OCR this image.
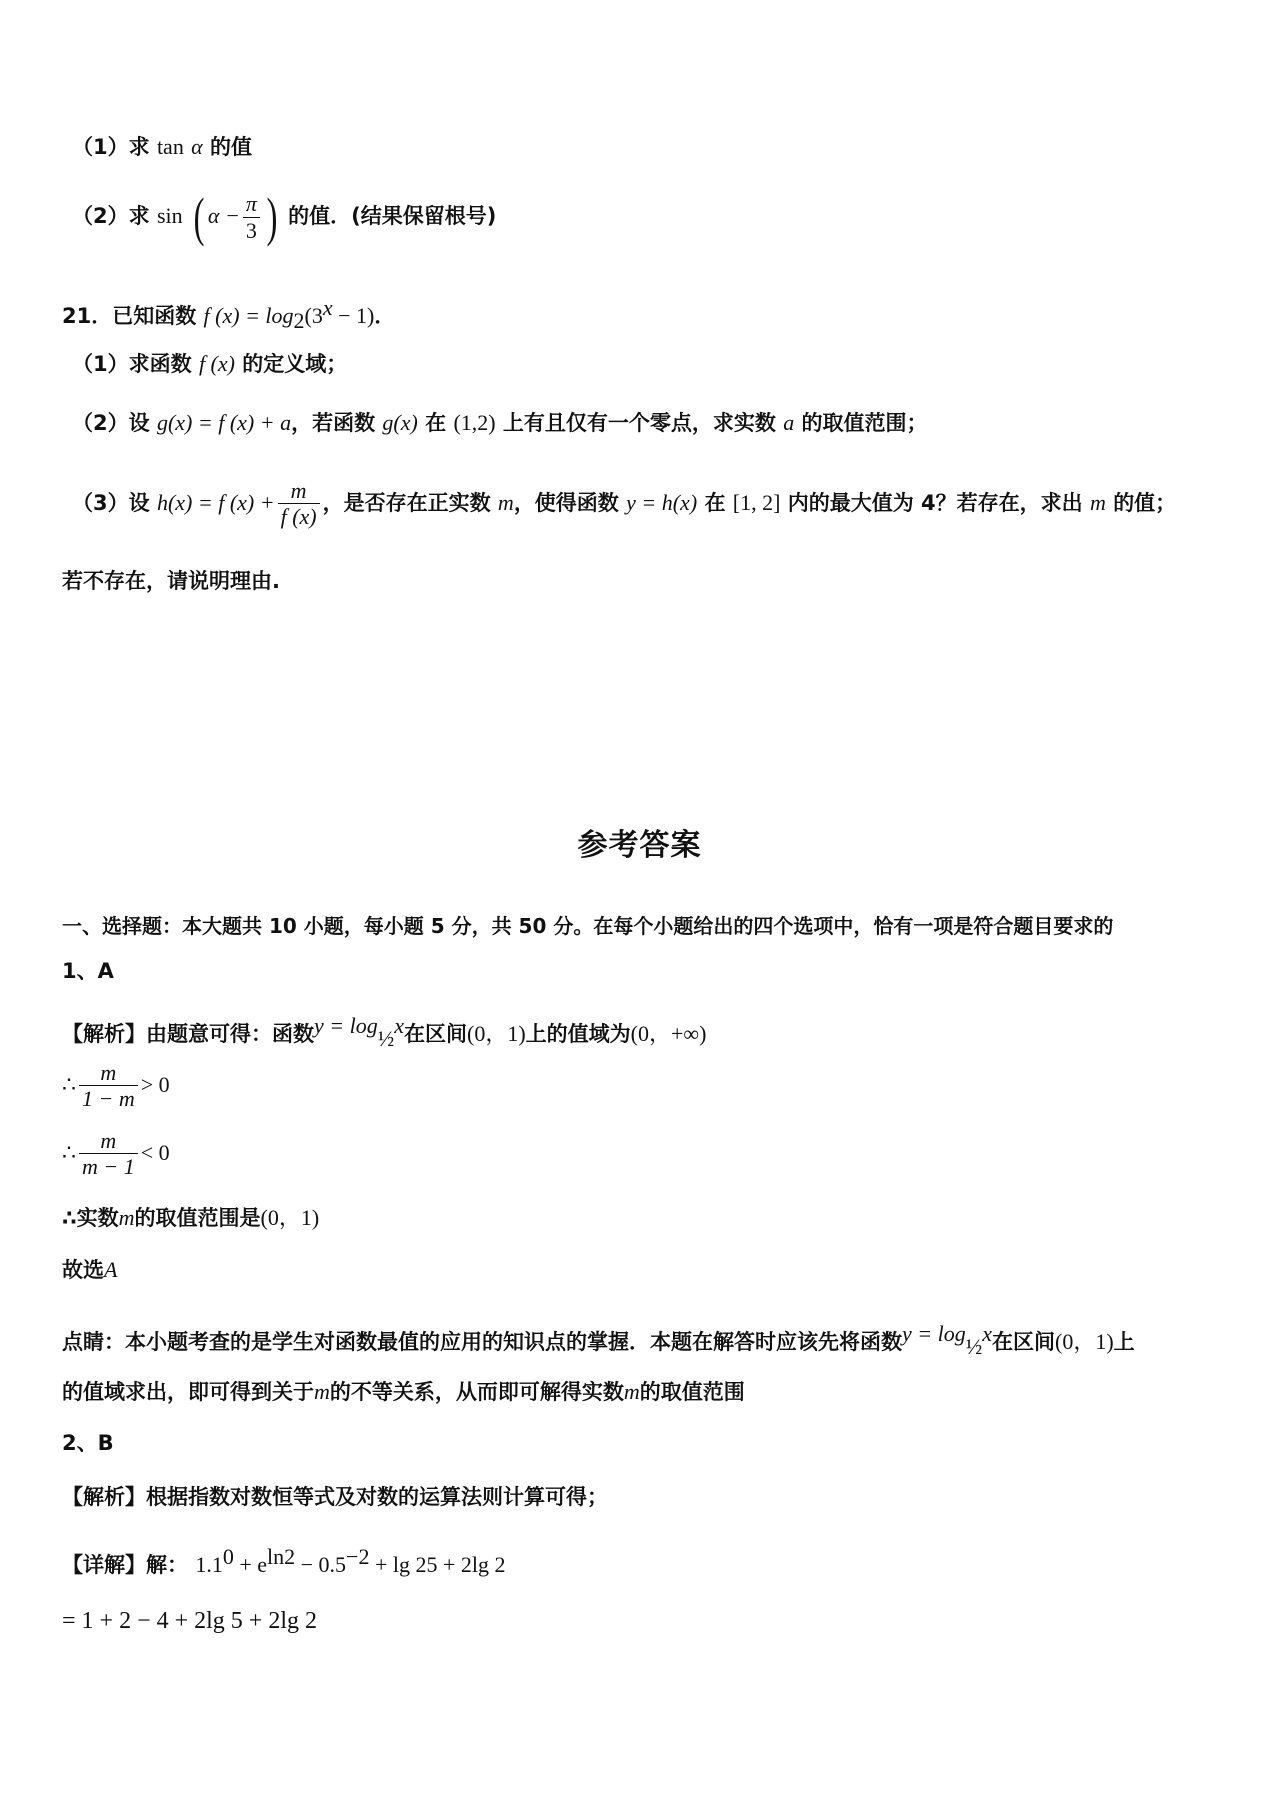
（1）求 tan α 的值
（2）求 sin ( $\alpha - \frac{\pi}{3}$ ) 的值．(结果保留根号)
21．已知函数 f $(x) = \log_2(3^x - 1)$．
（1）求函数 f (x) 的定义域；
（2）设 g(x) = f (x) + a，若函数 g(x) 在 (1,2) 上有且仅有一个零点，求实数 a 的取值范围；
（3）设 h(x) = f $(x) + \frac{m}{f (x)}$ ，是否存在正实数 m，使得函数 y = h(x) 在 [1, 2] 内的最大值为 4？若存在，求出 m 的值；
若不存在，请说明理由.
参考答案
一、选择题：本大题共 10 小题，每小题 5 分，共 50 分。在每个小题给出的四个选项中，恰有一项是符合题目要求的
1、A
【解析】由题意可得：函数$y = \log_{\frac{1}{2}}x$在区间(0，1)上的值域为(0，+∞)
∴ $\frac{m}{1 - m} > 0$
∴ $\frac{m}{m - 1} < 0$
∴实数m的取值范围是(0，1)
故选A
点睛：本小题考查的是学生对函数最值的应用的知识点的掌握．本题在解答时应该先将函数$y = \log_{\frac{1}{2}}x$在区间(0，1)上
的值域求出，即可得到关于m的不等关系，从而即可解得实数m的取值范围
2、B
【解析】根据指数对数恒等式及对数的运算法则计算可得；
【详解】解： $1.1^0 + e^{ln2} - 0.5^{-2} + \lg 25 + 2\lg$ 2
= 1 + 2 − 4 + 2lg 5 + 2lg 2
